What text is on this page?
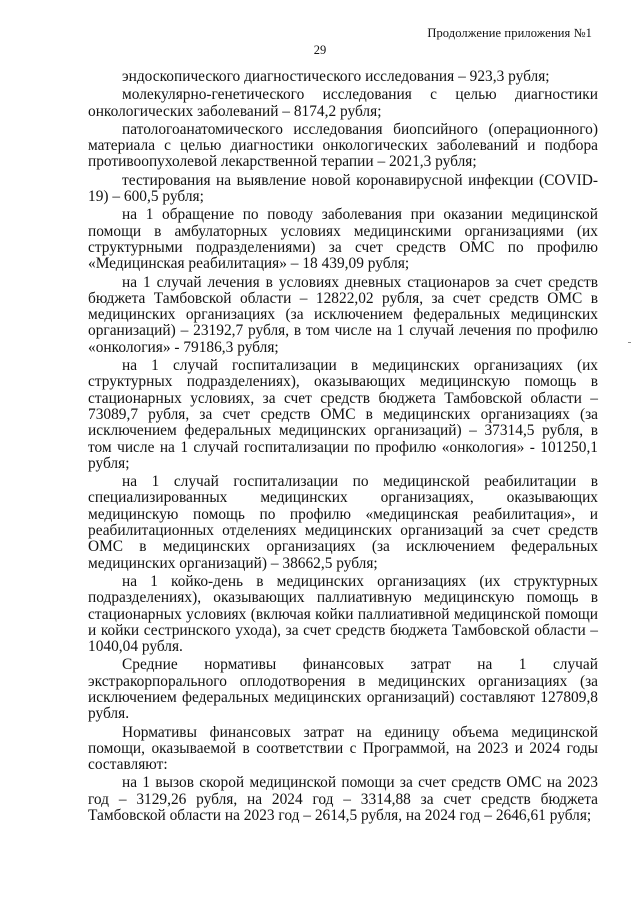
Продолжение приложения №1
29

эндоскопического диагностического исследования – 923,3 рубля;

молекулярно-генетического исследования с целью диагностики онкологических заболеваний – 8174,2 рубля;

патологоанатомического исследования биопсийного (операционного) материала с целью диагностики онкологических заболеваний и подбора противоопухолевой лекарственной терапии – 2021,3 рубля;

тестирования на выявление новой коронавирусной инфекции (COVID-19) – 600,5 рубля;

на 1 обращение по поводу заболевания при оказании медицинской помощи в амбулаторных условиях медицинскими организациями (их структурными подразделениями) за счет средств ОМС по профилю «Медицинская реабилитация» – 18 439,09 рубля;

на 1 случай лечения в условиях дневных стационаров за счет средств бюджета Тамбовской области – 12822,02 рубля, за счет средств ОМС в медицинских организациях (за исключением федеральных медицинских организаций) – 23192,7 рубля, в том числе на 1 случай лечения по профилю «онкология» - 79186,3 рубля;

на 1 случай госпитализации в медицинских организациях (их структурных подразделениях), оказывающих медицинскую помощь в стационарных условиях, за счет средств бюджета Тамбовской области – 73089,7 рубля, за счет средств ОМС в медицинских организациях (за исключением федеральных медицинских организаций) – 37314,5 рубля, в том числе на 1 случай госпитализации по профилю «онкология» - 101250,1 рубля;

на 1 случай госпитализации по медицинской реабилитации в специализированных медицинских организациях, оказывающих медицинскую помощь по профилю «медицинская реабилитация», и реабилитационных отделениях медицинских организаций за счет средств ОМС в медицинских организациях (за исключением федеральных медицинских организаций) – 38662,5 рубля;

на 1 койко-день в медицинских организациях (их структурных подразделениях), оказывающих паллиативную медицинскую помощь в стационарных условиях (включая койки паллиативной медицинской помощи и койки сестринского ухода), за счет средств бюджета Тамбовской области – 1040,04 рубля.

Средние нормативы финансовых затрат на 1 случай экстракорпорального оплодотворения в медицинских организациях (за исключением федеральных медицинских организаций) составляют 127809,8 рубля.

Нормативы финансовых затрат на единицу объема медицинской помощи, оказываемой в соответствии с Программой, на 2023 и 2024 годы составляют:

на 1 вызов скорой медицинской помощи за счет средств ОМС на 2023 год – 3129,26 рубля, на 2024 год – 3314,88 за счет средств бюджета Тамбовской области на 2023 год – 2614,5 рубля, на 2024 год – 2646,61 рубля;
